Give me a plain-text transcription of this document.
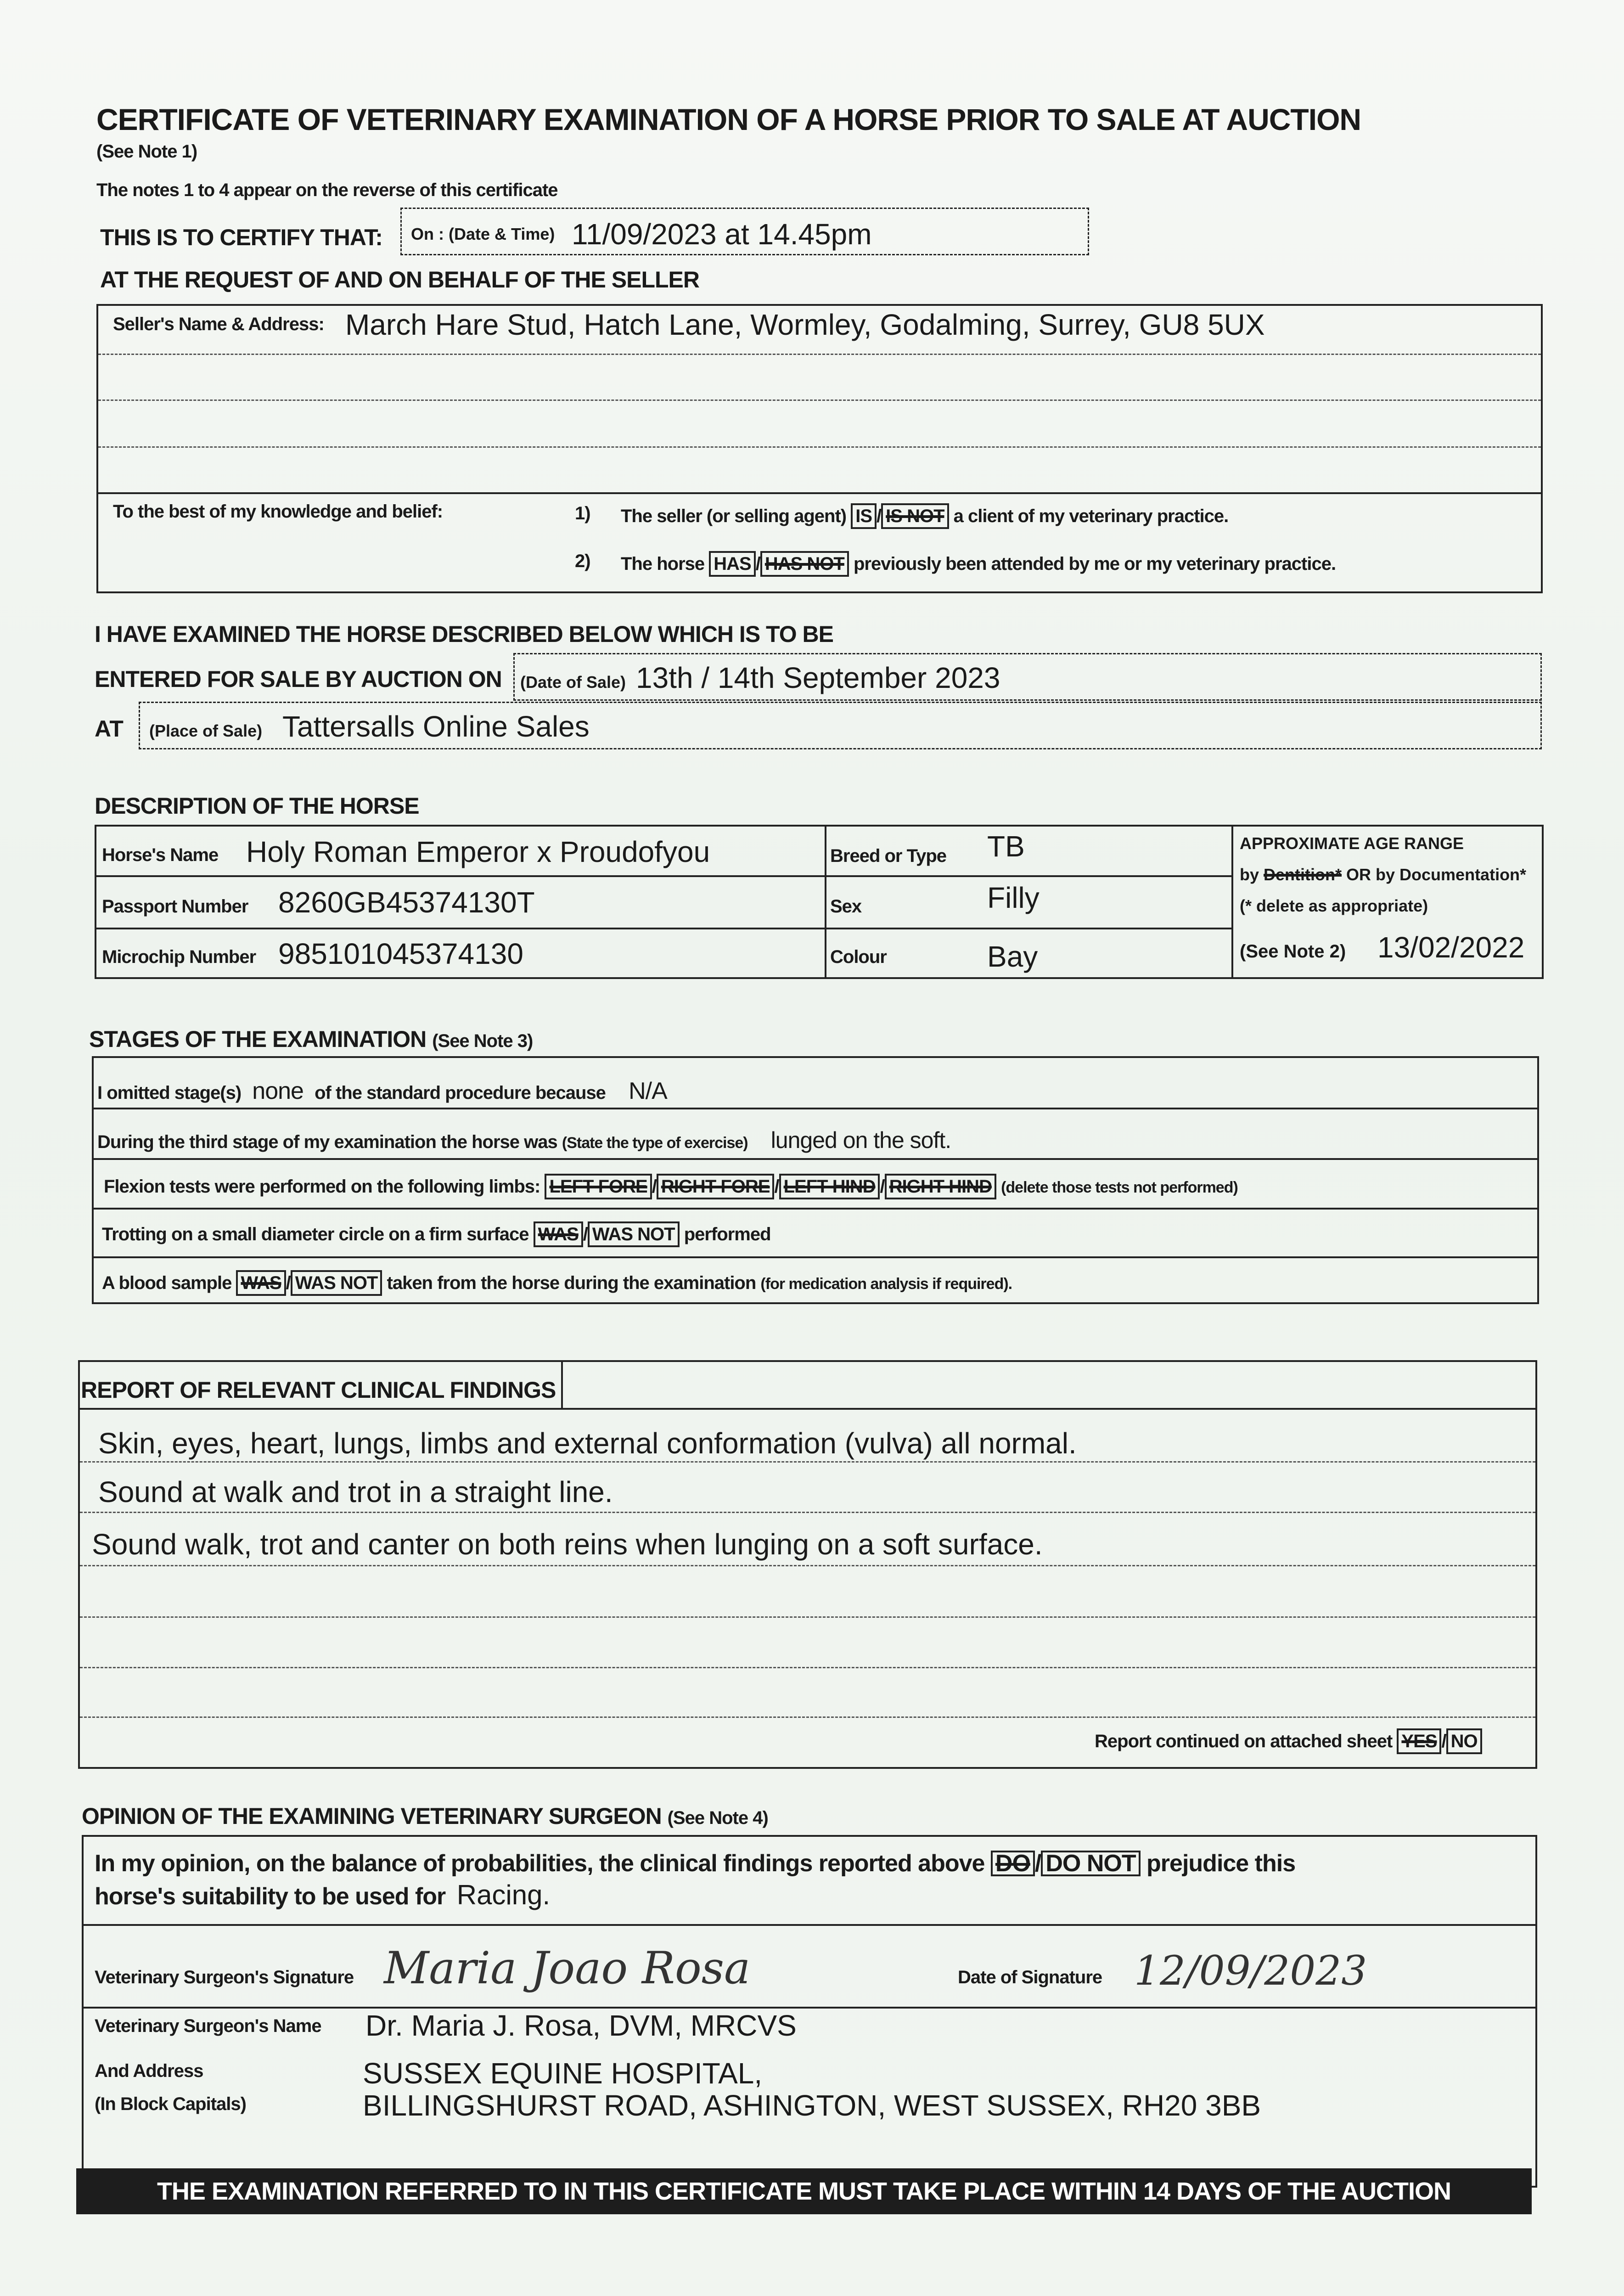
CERTIFICATE OF VETERINARY EXAMINATION OF A HORSE PRIOR TO SALE AT AUCTION
(See Note 1)
The notes 1 to 4 appear on the reverse of this certificate
THIS IS TO CERTIFY THAT: On : (Date & Time) 11/09/2023 at 14.45pm
AT THE REQUEST OF AND ON BEHALF OF THE SELLER
Seller's Name & Address: March Hare Stud, Hatch Lane, Wormley, Godalming, Surrey, GU8 5UX
To the best of my knowledge and belief:	1) The seller (or selling agent) IS / IS NOT a client of my veterinary practice.
2) The horse HAS / HAS NOT previously been attended by me or my veterinary practice.
I HAVE EXAMINED THE HORSE DESCRIBED BELOW WHICH IS TO BE
ENTERED FOR SALE BY AUCTION ON (Date of Sale) 13th / 14th September 2023
AT (Place of Sale) Tattersalls Online Sales
DESCRIPTION OF THE HORSE
Horse's Name Holy Roman Emperor x Proudofyou
Passport Number 8260GB45374130T
Microchip Number 985101045374130
Breed or Type TB
Sex	Filly
Colour	Bay
APPROXIMATE AGE RANGE
by Dentition* OR by Documentation*
(* delete as appropriate)
(See Note 2) 13/02/2022
STAGES OF THE EXAMINATION (See Note 3)
I omitted stage(s) none of the standard procedure because N/A
During the third stage of my examination the horse was (State the type of exercise) lunged on the soft.
Flexion tests were performed on the following limbs: LEFT FORE / RIGHT FORE / LEFT HIND / RIGHT HIND (delete those tests not performed)
Trotting on a small diameter circle on a firm surface WAS / WAS NOT performed
A blood sample WAS / WAS NOT taken from the horse during the examination (for medication analysis if required).
REPORT OF RELEVANT CLINICAL FINDINGS
Skin, eyes, heart, lungs, limbs and external conformation (vulva) all normal.
Sound at walk and trot in a straight line.
Sound walk, trot and canter on both reins when lunging on a soft surface.
Report continued on attached sheet YES / NO
OPINION OF THE EXAMINING VETERINARY SURGEON (See Note 4)
In my opinion, on the balance of probabilities, the clinical findings reported above DO / DO NOT prejudice this
horse's suitability to be used for Racing.
Veterinary Surgeon's Signature Maria Joao Rosa	Date of Signature 12/09/2023
Veterinary Surgeon's Name Dr. Maria J. Rosa, DVM, MRCVS
And Address
(In Block Capitals)
SUSSEX EQUINE HOSPITAL,
BILLINGSHURST ROAD, ASHINGTON, WEST SUSSEX, RH20 3BB
THE EXAMINATION REFERRED TO IN THIS CERTIFICATE MUST TAKE PLACE WITHIN 14 DAYS OF THE AUCTION
